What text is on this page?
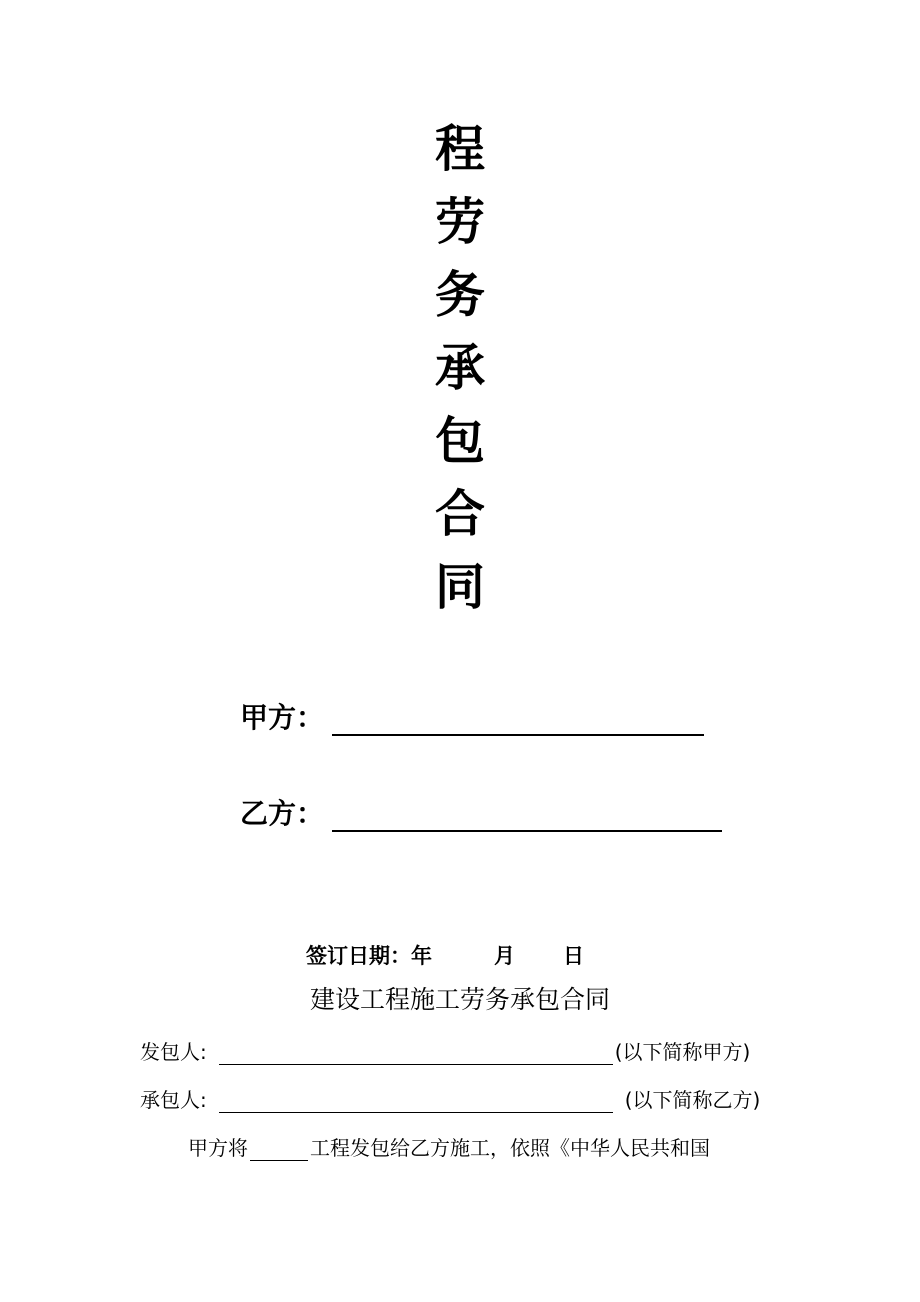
程
劳
务
承
包
合
同
甲方：
乙方：
签订日期： 年	月 日
建设工程施工劳务承包合同
发包人:	(以下简称甲方)
承包人:	(以下简称乙方)
甲方将	工程发包给乙方施工，依照《中华人民共和国
